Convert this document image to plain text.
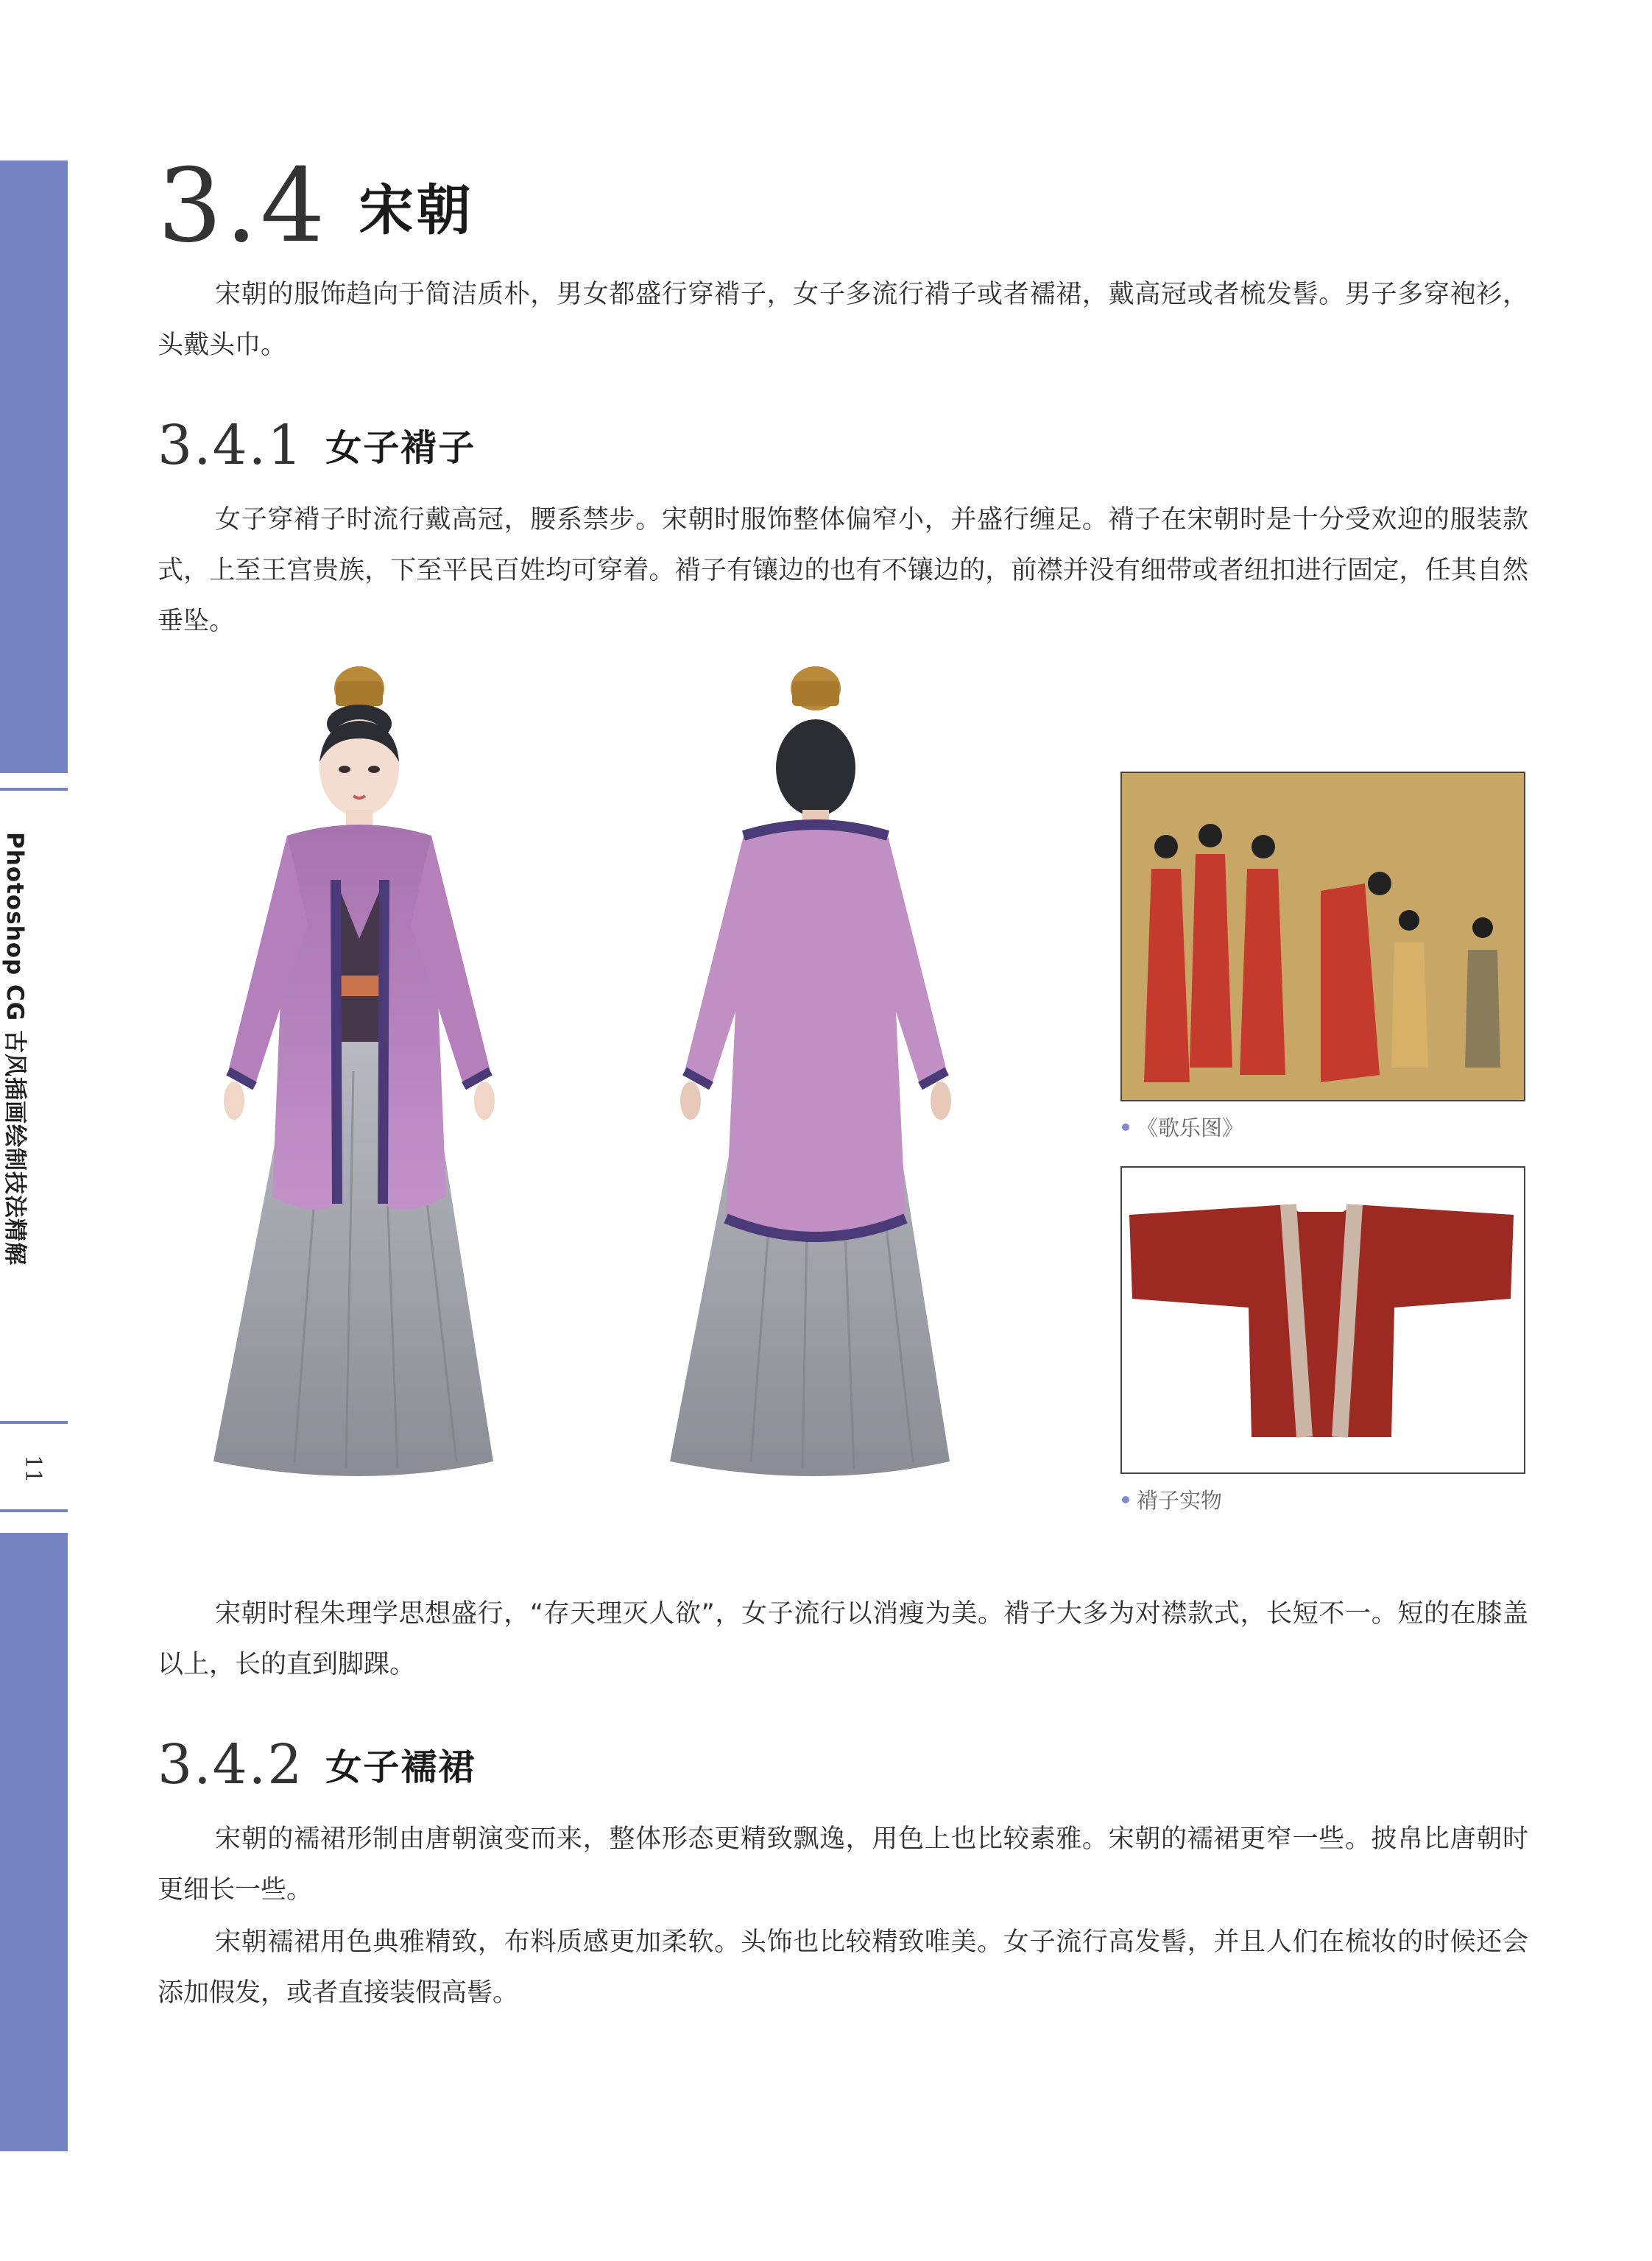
Photoshop CG 古风插画绘制技法精解
11
3.4 宋朝

宋朝的服饰趋向于简洁质朴，男女都盛行穿褙子，女子多流行褙子或者襦裙，戴高冠或者梳发髻。男子多穿袍衫，头戴头巾。

3.4.1 女子褙子

女子穿褙子时流行戴高冠，腰系禁步。宋朝时服饰整体偏窄小，并盛行缠足。褙子在宋朝时是十分受欢迎的服装款式，上至王宫贵族，下至平民百姓均可穿着。褙子有镶边的也有不镶边的，前襟并没有细带或者纽扣进行固定，任其自然垂坠。

《歌乐图》
褙子实物

宋朝时程朱理学思想盛行，“存天理灭人欲”，女子流行以消瘦为美。褙子大多为对襟款式，长短不一。短的在膝盖以上，长的直到脚踝。

3.4.2 女子襦裙

宋朝的襦裙形制由唐朝演变而来，整体形态更精致飘逸，用色上也比较素雅。宋朝的襦裙更窄一些。披帛比唐朝时更细长一些。

宋朝襦裙用色典雅精致，布料质感更加柔软。头饰也比较精致唯美。女子流行高发髻，并且人们在梳妆的时候还会添加假发，或者直接装假高髻。
